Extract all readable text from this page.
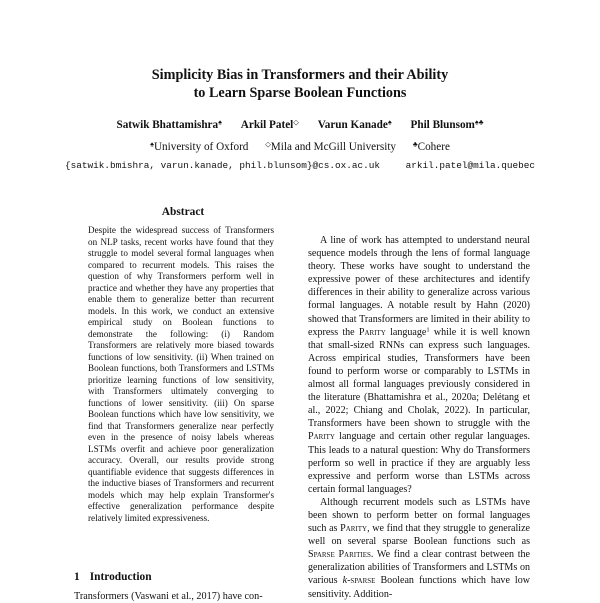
Simplicity Bias in Transformers and their Ability
to Learn Sparse Boolean Functions
Satwik Bhattamishra♠ Arkil Patel◇ Varun Kanade♠ Phil Blunsom♠♣
♠University of Oxford ◇Mila and McGill University ♣Cohere
{satwik.bmishra, varun.kanade, phil.blunsom}@cs.ox.ac.uk	arkil.patel@mila.quebec
Abstract
Despite the widespread success of Transformers on NLP tasks, recent works have found that they struggle to model several formal languages when compared to recurrent models. This raises the question of why Transformers perform well in practice and whether they have any properties that enable them to generalize better than recurrent models. In this work, we conduct an extensive empirical study on Boolean functions to demonstrate the following: (i) Random Transformers are relatively more biased towards functions of low sensitivity. (ii) When trained on Boolean functions, both Transformers and LSTMs prioritize learning functions of low sensitivity, with Transformers ultimately converging to functions of lower sensitivity. (iii) On sparse Boolean functions which have low sensitivity, we find that Transformers generalize near perfectly even in the presence of noisy labels whereas LSTMs overfit and achieve poor generalization accuracy. Overall, our results provide strong quantifiable evidence that suggests differences in the inductive biases of Transformers and recurrent models which may help explain Transformer's effective generalization performance despite relatively limited expressiveness.
1 Introduction
Transformers (Vaswani et al., 2017) have con-

A line of work has attempted to understand neural sequence models through the lens of formal language theory. These works have sought to understand the expressive power of these architectures and identify differences in their ability to generalize across various formal languages. A notable result by Hahn (2020) showed that Transformers are limited in their ability to express the Parity language$^1$ while it is well known that small-sized RNNs can express such languages. Across empirical studies, Transformers have been found to perform worse or comparably to LSTMs in almost all formal languages previously considered in the literature (Bhattamishra et al., 2020a; Delétang et al., 2022; Chiang and Cholak, 2022). In particular, Transformers have been shown to struggle with the Parity language and certain other regular languages. This leads to a natural question: Why do Transformers perform so well in practice if they are arguably less expressive and perform worse than LSTMs across certain formal languages?

Although recurrent models such as LSTMs have been shown to perform better on formal languages such as Parity, we find that they struggle to generalize well on several sparse Boolean functions such as Sparse Parities. We find a clear contrast between the generalization abilities of Transformers and LSTMs on various k-sparse Boolean functions which have low sensitivity. Addition-
